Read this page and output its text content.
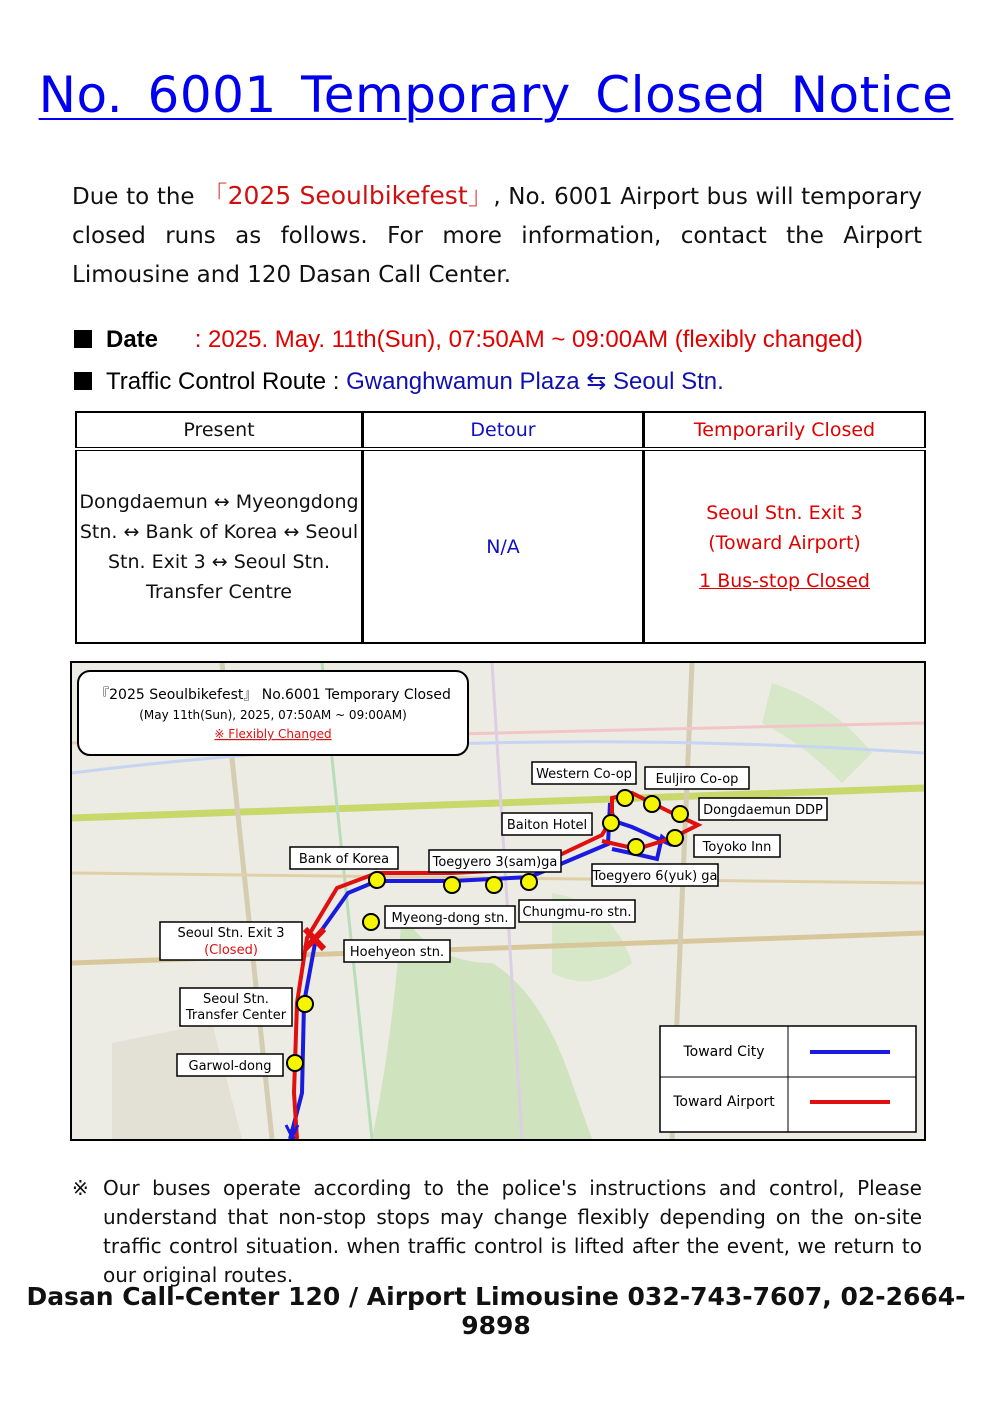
No. 6001 Temporary Closed Notice
Due to the 「2025 Seoulbikefest」, No. 6001 Airport bus will temporary closed runs as follows. For more information, contact the Airport Limousine and 120 Dasan Call Center.
Date : 2025. May. 11th(Sun), 07:50AM ~ 09:00AM (flexibly changed)
Traffic Control Route : Gwanghwamun Plaza ⇆ Seoul Stn.
Present	Detour	Temporarily Closed
Dongdaemun ↔ Myeongdong Stn. ↔ Bank of Korea ↔ Seoul Stn. Exit 3 ↔ Seoul Stn. Transfer Centre	N/A	Seoul Stn. Exit 3 (Toward Airport)
1 Bus-stop Closed
『2025 Seoulbikefest』 No.6001 Temporary Closed
(May 11th(Sun), 2025, 07:50AM ~ 09:00AM)
※ Flexibly Changed
Western Co-op Euljiro Co-op
Dongdaemun DDP
Baiton Hotel
Toyoko Inn
Bank of Korea	Toegyero 3(sam)ga
Toegyero 6(yuk) ga
Myeong-dong stn. Chungmu-ro stn.
Seoul Stn. Exit 3
(Closed)	Hoehyeon stn.
Seoul Stn.
Transfer Center
Garwol-dong
Toward City
Toward Airport
※ Our buses operate according to the police's instructions and control, Please understand that non-stop stops may change flexibly depending on the on-site traffic control situation. when traffic control is lifted after the event, we return to our original routes.
Dasan Call-Center 120 / Airport Limousine 032-743-7607, 02-2664-9898
